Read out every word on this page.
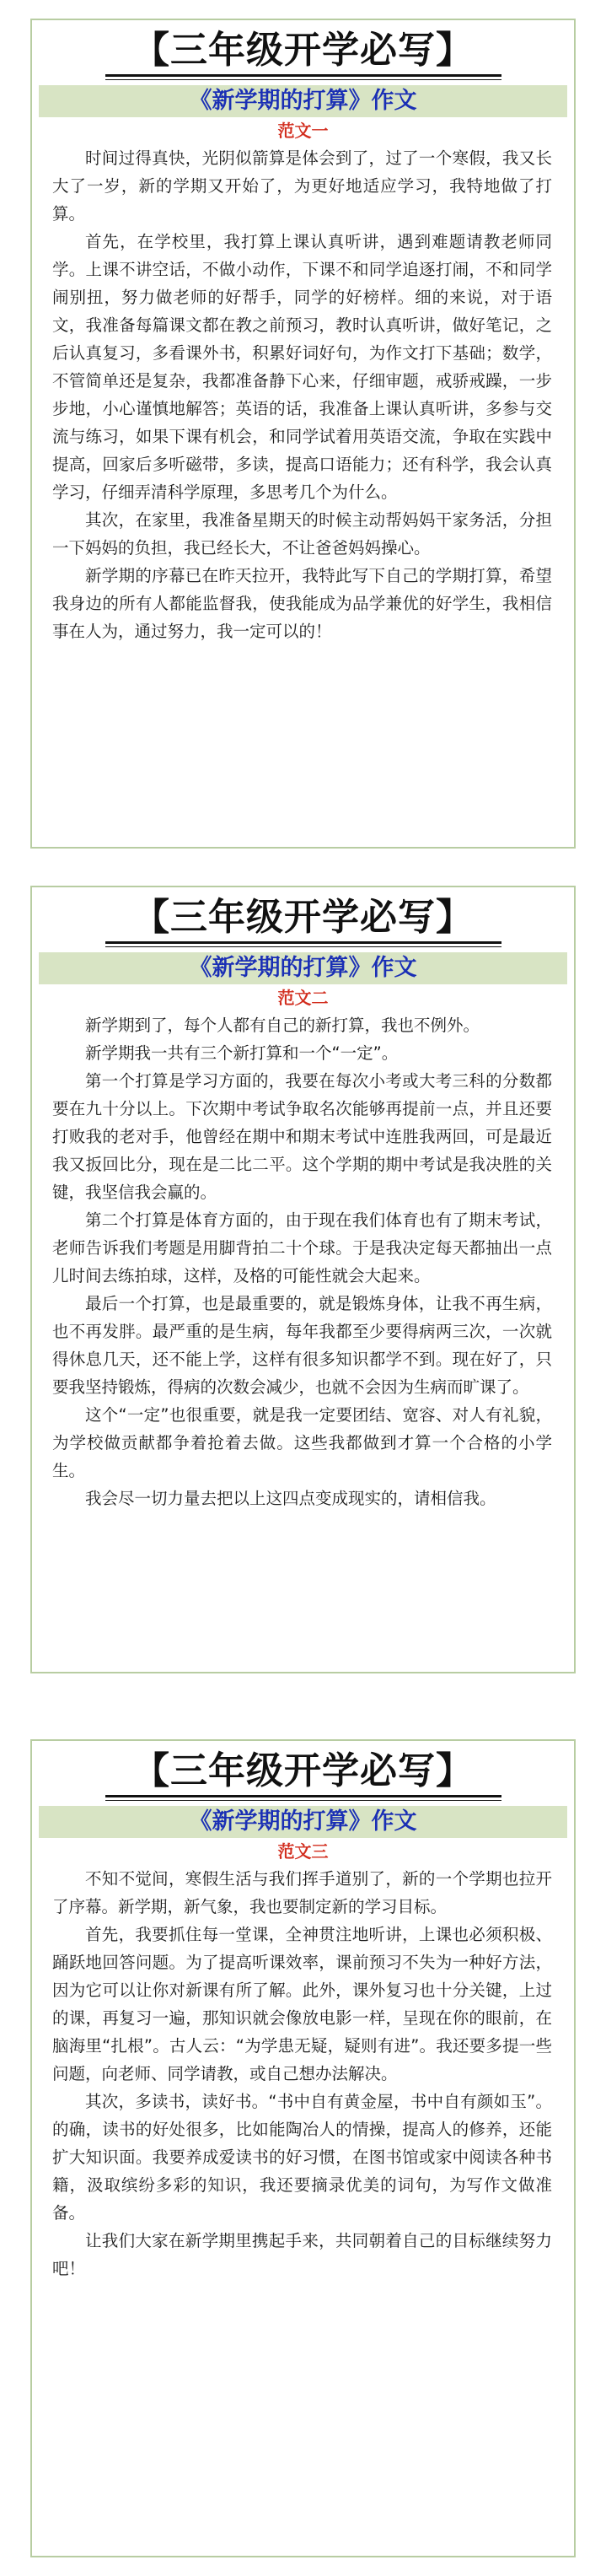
【三年级开学必写】
《新学期的打算》作文
范文一

时间过得真快，光阴似箭算是体会到了，过了一个寒假，我又长大了一岁，新的学期又开始了，为更好地适应学习，我特地做了打算。

首先，在学校里，我打算上课认真听讲，遇到难题请教老师同学。上课不讲空话，不做小动作，下课不和同学追逐打闹，不和同学闹别扭，努力做老师的好帮手，同学的好榜样。细的来说，对于语文，我准备每篇课文都在教之前预习，教时认真听讲，做好笔记，之后认真复习，多看课外书，积累好词好句，为作文打下基础；数学，不管简单还是复杂，我都准备静下心来，仔细审题，戒骄戒躁，一步步地，小心谨慎地解答；英语的话，我准备上课认真听讲，多参与交流与练习，如果下课有机会，和同学试着用英语交流，争取在实践中提高，回家后多听磁带，多读，提高口语能力；还有科学，我会认真学习，仔细弄清科学原理，多思考几个为什么。

其次，在家里，我准备星期天的时候主动帮妈妈干家务活，分担一下妈妈的负担，我已经长大，不让爸爸妈妈操心。

新学期的序幕已在昨天拉开，我特此写下自己的学期打算，希望我身边的所有人都能监督我，使我能成为品学兼优的好学生，我相信事在人为，通过努力，我一定可以的！

【三年级开学必写】
《新学期的打算》作文
范文二

新学期到了，每个人都有自己的新打算，我也不例外。

新学期我一共有三个新打算和一个“一定”。

第一个打算是学习方面的，我要在每次小考或大考三科的分数都要在九十分以上。下次期中考试争取名次能够再提前一点，并且还要打败我的老对手，他曾经在期中和期末考试中连胜我两回，可是最近我又扳回比分，现在是二比二平。这个学期的期中考试是我决胜的关键，我坚信我会赢的。

第二个打算是体育方面的，由于现在我们体育也有了期末考试，老师告诉我们考题是用脚背拍二十个球。于是我决定每天都抽出一点儿时间去练拍球，这样，及格的可能性就会大起来。

最后一个打算，也是最重要的，就是锻炼身体，让我不再生病，也不再发胖。最严重的是生病，每年我都至少要得病两三次，一次就得休息几天，还不能上学，这样有很多知识都学不到。现在好了，只要我坚持锻炼，得病的次数会减少，也就不会因为生病而旷课了。

这个“一定”也很重要，就是我一定要团结、宽容、对人有礼貌，为学校做贡献都争着抢着去做。这些我都做到才算一个合格的小学生。

我会尽一切力量去把以上这四点变成现实的，请相信我。

【三年级开学必写】
《新学期的打算》作文
范文三

不知不觉间，寒假生活与我们挥手道别了，新的一个学期也拉开了序幕。新学期，新气象，我也要制定新的学习目标。

首先，我要抓住每一堂课，全神贯注地听讲，上课也必须积极、踊跃地回答问题。为了提高听课效率，课前预习不失为一种好方法，因为它可以让你对新课有所了解。此外，课外复习也十分关键，上过的课，再复习一遍，那知识就会像放电影一样，呈现在你的眼前，在脑海里“扎根”。古人云：“为学患无疑，疑则有进”。我还要多提一些问题，向老师、同学请教，或自己想办法解决。

其次，多读书，读好书。“书中自有黄金屋，书中自有颜如玉”。的确，读书的好处很多，比如能陶冶人的情操，提高人的修养，还能扩大知识面。我要养成爱读书的好习惯，在图书馆或家中阅读各种书籍，汲取缤纷多彩的知识，我还要摘录优美的词句，为写作文做准备。

让我们大家在新学期里携起手来，共同朝着自己的目标继续努力吧！
